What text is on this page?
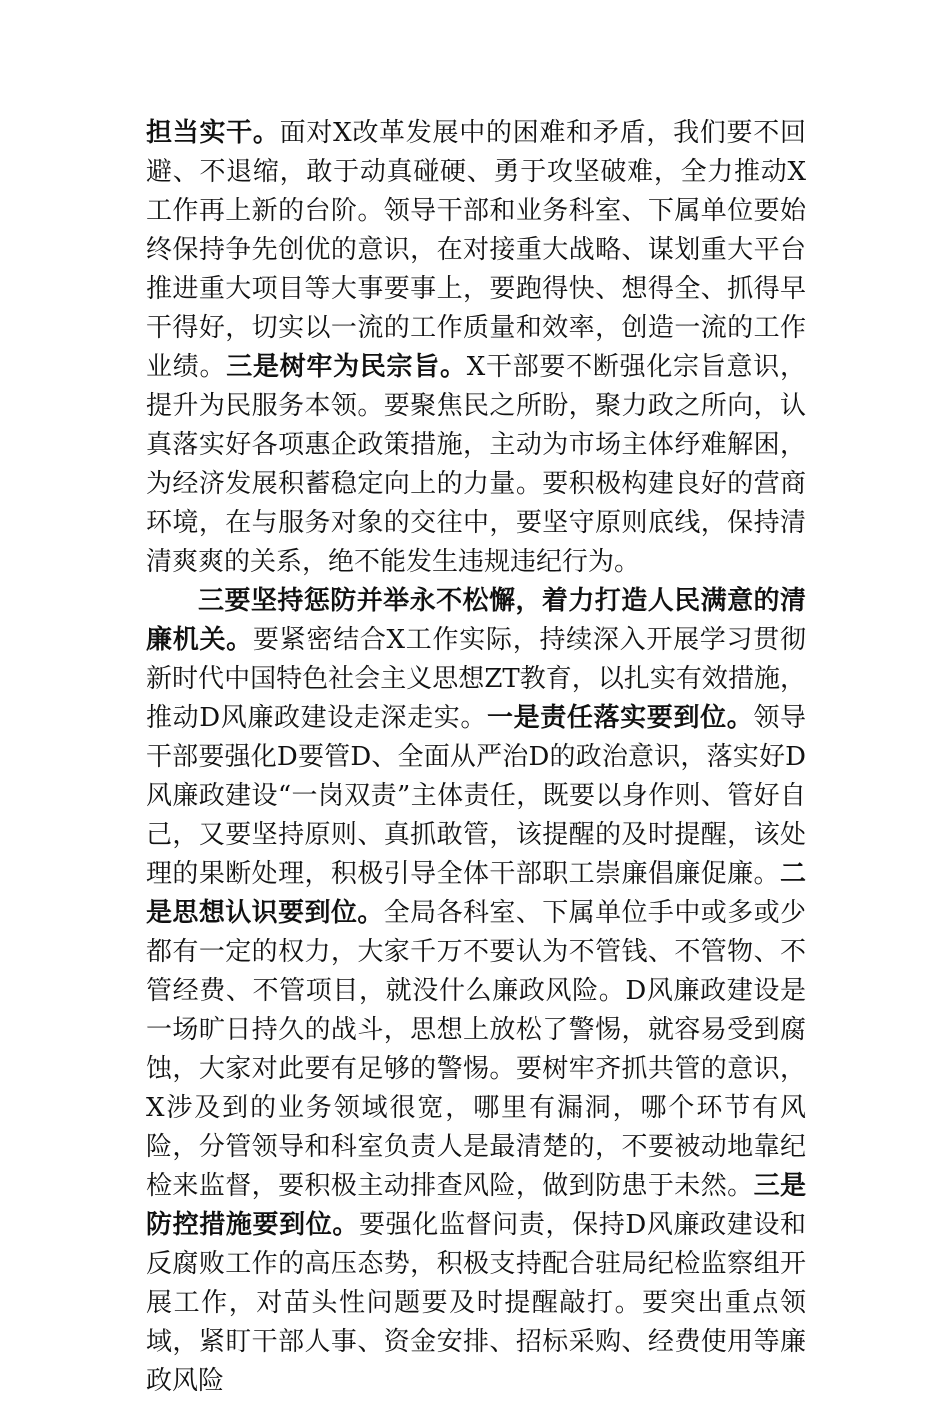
担当实干。面对X改革发展中的困难和矛盾，我们要不回避、不退缩，敢于动真碰硬、勇于攻坚破难，全力推动X工作再上新的台阶。领导干部和业务科室、下属单位要始终保持争先创优的意识，在对接重大战略、谋划重大平台推进重大项目等大事要事上，要跑得快、想得全、抓得早干得好，切实以一流的工作质量和效率，创造一流的工作业绩。三是树牢为民宗旨。X干部要不断强化宗旨意识，提升为民服务本领。要聚焦民之所盼，聚力政之所向，认真落实好各项惠企政策措施，主动为市场主体纾难解困，为经济发展积蓄稳定向上的力量。要积极构建良好的营商环境，在与服务对象的交往中，要坚守原则底线，保持清清爽爽的关系，绝不能发生违规违纪行为。

三要坚持惩防并举永不松懈，着力打造人民满意的清廉机关。要紧密结合X工作实际，持续深入开展学习贯彻新时代中国特色社会主义思想ZT教育，以扎实有效措施，推动D风廉政建设走深走实。一是责任落实要到位。领导干部要强化D要管D、全面从严治D的政治意识，落实好D风廉政建设“一岗双责”主体责任，既要以身作则、管好自己，又要坚持原则、真抓敢管，该提醒的及时提醒，该处理的果断处理，积极引导全体干部职工崇廉倡廉促廉。二是思想认识要到位。全局各科室、下属单位手中或多或少都有一定的权力，大家千万不要认为不管钱、不管物、不管经费、不管项目，就没什么廉政风险。D风廉政建设是一场旷日持久的战斗，思想上放松了警惕，就容易受到腐蚀，大家对此要有足够的警惕。要树牢齐抓共管的意识，X涉及到的业务领域很宽，哪里有漏洞，哪个环节有风险，分管领导和科室负责人是最清楚的，不要被动地靠纪检来监督，要积极主动排查风险，做到防患于未然。三是防控措施要到位。要强化监督问责，保持D风廉政建设和反腐败工作的高压态势，积极支持配合驻局纪检监察组开展工作，对苗头性问题要及时提醒敲打。要突出重点领域，紧盯干部人事、资金安排、招标采购、经费使用等廉政风险
